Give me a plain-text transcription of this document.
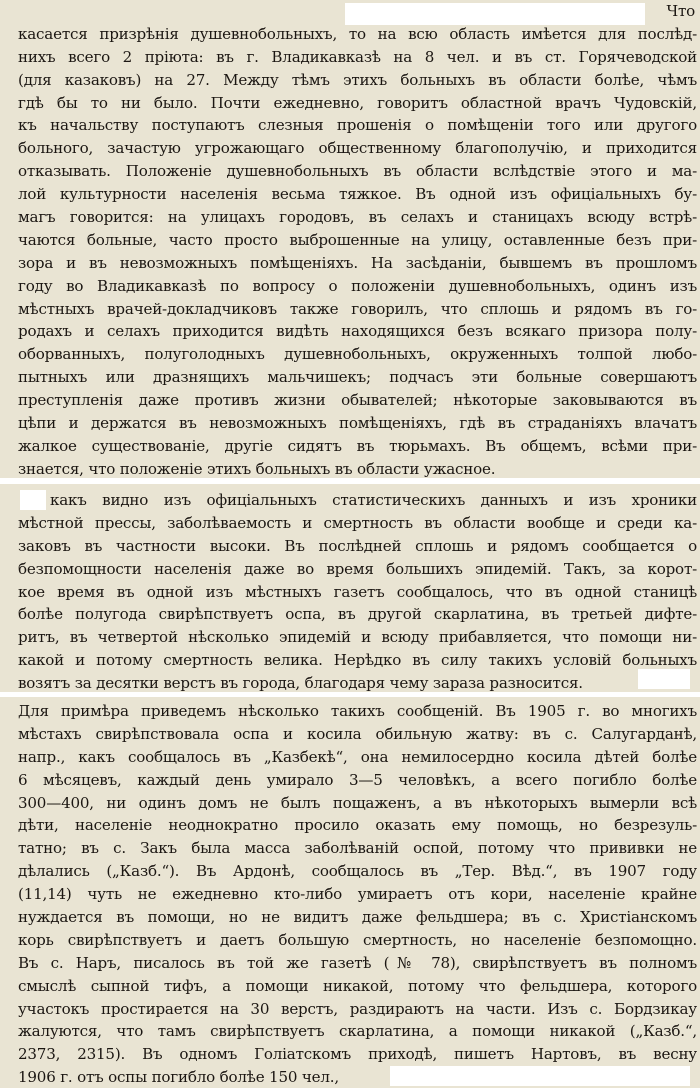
Что
касается призрѣнія душевнобольныхъ, то на всю область имѣется для послѣд-
нихъ всего 2 пріюта: въ г. Владикавказѣ на 8 чел. и въ ст. Горячеводской
(для казаковъ) на 27. Между тѣмъ этихъ больныхъ въ области болѣе, чѣмъ
гдѣ бы то ни было. Почти ежедневно, говоритъ областной врачъ Чудовскій,
къ начальству поступаютъ слезныя прошенія о помѣщеніи того или другого
больного, зачастую угрожающаго общественному благополучію, и приходится
отказывать. Положеніе душевнобольныхъ въ области вслѣдствіе этого и ма-
лой культурности населенія весьма тяжкое. Въ одной изъ офиціальныхъ бу-
магъ говорится: на улицахъ городовъ, въ селахъ и станицахъ всюду встрѣ-
чаются больные, часто просто выброшенные на улицу, оставленные безъ при-
зора и въ невозможныхъ помѣщеніяхъ. На засѣданіи, бывшемъ въ прошломъ
году во Владикавказѣ по вопросу о положеніи душевнобольныхъ, одинъ изъ
мѣстныхъ врачей-докладчиковъ также говорилъ, что сплошь и рядомъ въ го-
родахъ и селахъ приходится видѣть находящихся безъ всякаго призора полу-
оборванныхъ, полуголодныхъ душевнобольныхъ, окруженныхъ толпой любо-
пытныхъ или дразнящихъ мальчишекъ; подчасъ эти больные совершаютъ
преступленія даже противъ жизни обывателей; нѣкоторые заковываются въ
цѣпи и держатся въ невозможныхъ помѣщеніяхъ, гдѣ въ страданіяхъ влачатъ
жалкое существованіе, другіе сидятъ въ тюрьмахъ. Въ общемъ, всѣми при-
знается, что положеніе этихъ больныхъ въ области ужасное.
какъ видно изъ офиціальныхъ статистическихъ данныхъ и изъ хроники
мѣстной прессы, заболѣваемость и смертность въ области вообще и среди ка-
заковъ въ частности высоки. Въ послѣдней сплошь и рядомъ сообщается о
безпомощности населенія даже во время большихъ эпидемій. Такъ, за корот-
кое время въ одной изъ мѣстныхъ газетъ сообщалось, что въ одной станицѣ
болѣе полугода свирѣпствуетъ оспа, въ другой скарлатина, въ третьей дифте-
ритъ, въ четвертой нѣсколько эпидемій и всюду прибавляется, что помощи ни-
какой и потому смертность велика. Нерѣдко въ силу такихъ условій больныхъ
возятъ за десятки верстъ въ города, благодаря чему зараза разносится.
Для примѣра приведемъ нѣсколько такихъ сообщеній. Въ 1905 г. во многихъ
мѣстахъ свирѣпствовала оспа и косила обильную жатву: въ с. Салугарданѣ,
напр., какъ сообщалось въ „Казбекѣ“, она немилосердно косила дѣтей болѣе
6 мѣсяцевъ, каждый день умирало 3—5 человѣкъ, а всего погибло болѣе
300—400, ни одинъ домъ не былъ пощаженъ, а въ нѣкоторыхъ вымерли всѣ
дѣти, населеніе неоднократно просило оказать ему помощь, но безрезуль-
татно; въ с. Закъ была масса заболѣваній оспой, потому что прививки не
дѣлались („Казб.“). Въ Ардонѣ, сообщалось въ „Тер. Вѣд.“, въ 1907 году
(11,14) чуть не ежедневно кто-либо умираетъ отъ кори, населеніе крайне
нуждается въ помощи, но не видитъ даже фельдшера; въ с. Христіанскомъ
корь свирѣпствуетъ и даетъ большую смертность, но населеніе безпомощно.
Въ с. Наръ, писалось въ той же газетѣ (№ 78), свирѣпствуетъ въ полномъ
смыслѣ сыпной тифъ, а помощи никакой, потому что фельдшера, которого
участокъ простирается на 30 верстъ, раздираютъ на части. Изъ с. Бордзикау
жалуются, что тамъ свирѣпствуетъ скарлатина, а помощи никакой („Казб.“,
2373, 2315). Въ одномъ Голіатскомъ приходѣ, пишетъ Нартовъ, въ весну
1906 г. отъ оспы погибло болѣе 150 чел.,
